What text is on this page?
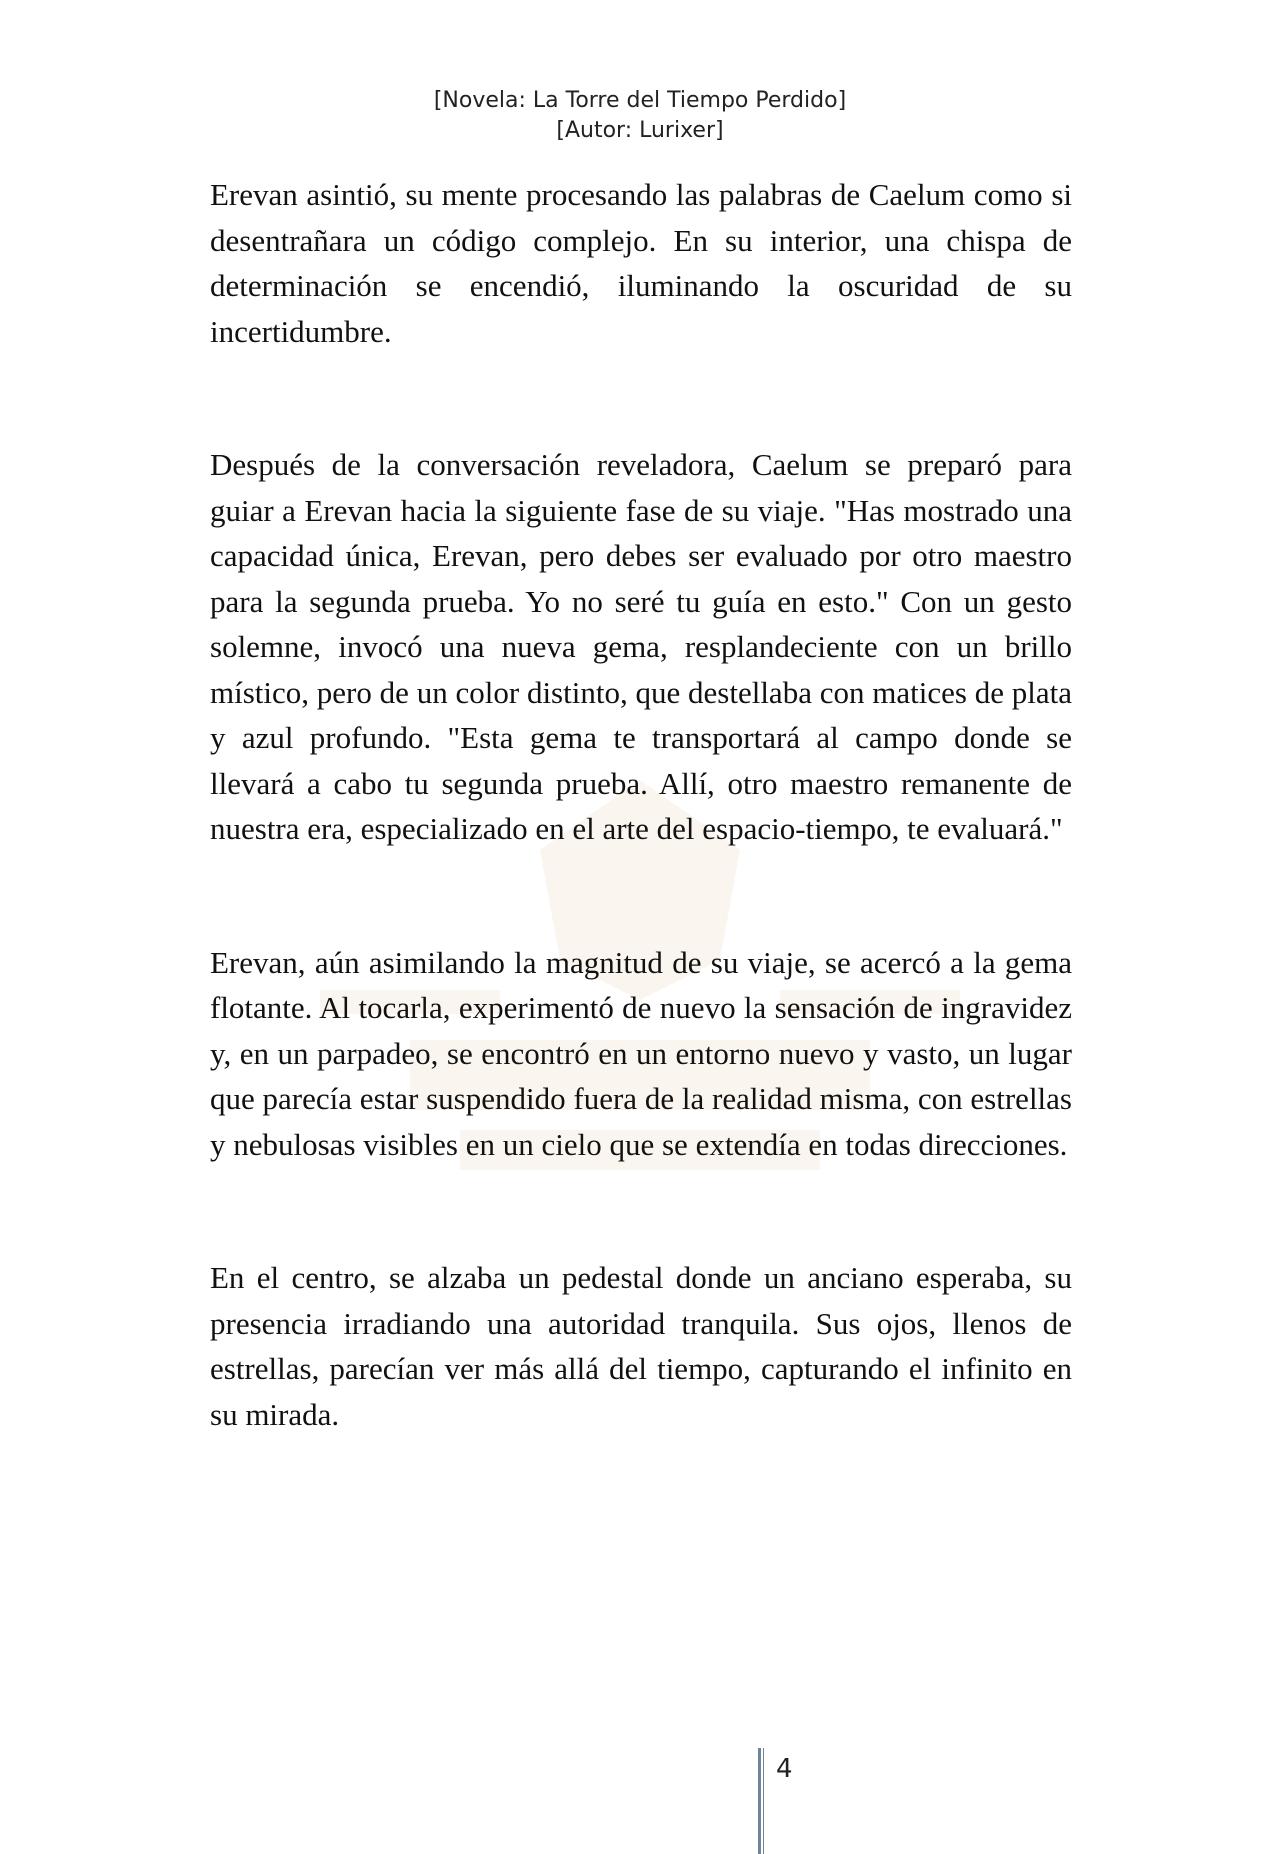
[Novela: La Torre del Tiempo Perdido]
[Autor: Lurixer]

Erevan asintió, su mente procesando las palabras de Caelum como si desentrañara un código complejo. En su interior, una chispa de determinación se encendió, iluminando la oscuridad de su incertidumbre.

Después de la conversación reveladora, Caelum se preparó para guiar a Erevan hacia la siguiente fase de su viaje. "Has mostrado una capacidad única, Erevan, pero debes ser evaluado por otro maestro para la segunda prueba. Yo no seré tu guía en esto." Con un gesto solemne, invocó una nueva gema, resplandeciente con un brillo místico, pero de un color distinto, que destellaba con matices de plata y azul profundo. "Esta gema te transportará al campo donde se llevará a cabo tu segunda prueba. Allí, otro maestro remanente de nuestra era, especializado en el arte del espacio-tiempo, te evaluará."

Erevan, aún asimilando la magnitud de su viaje, se acercó a la gema flotante. Al tocarla, experimentó de nuevo la sensación de ingravidez y, en un parpadeo, se encontró en un entorno nuevo y vasto, un lugar que parecía estar suspendido fuera de la realidad misma, con estrellas y nebulosas visibles en un cielo que se extendía en todas direcciones.

En el centro, se alzaba un pedestal donde un anciano esperaba, su presencia irradiando una autoridad tranquila. Sus ojos, llenos de estrellas, parecían ver más allá del tiempo, capturando el infinito en su mirada.

4
